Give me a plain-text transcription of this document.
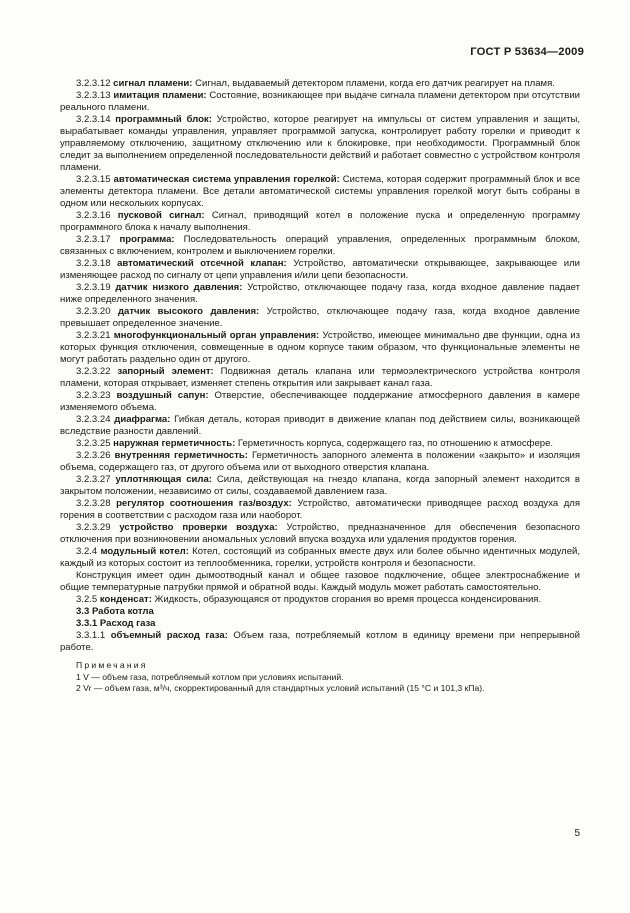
ГОСТ Р 53634—2009

3.2.3.12 сигнал пламени: Сигнал, выдаваемый детектором пламени, когда его датчик реагирует на пламя.

3.2.3.13 имитация пламени: Состояние, возникающее при выдаче сигнала пламени детектором при отсутствии реального пламени.

3.2.3.14 программный блок: Устройство, которое реагирует на импульсы от систем управления и защиты, вырабатывает команды управления, управляет программой запуска, контролирует работу горелки и приводит к управляемому отключению, защитному отключению или к блокировке, при необходимости. Программный блок следит за выполнением определенной последовательности действий и работает совместно с устройством контроля пламени.

3.2.3.15 автоматическая система управления горелкой: Система, которая содержит программный блок и все элементы детектора пламени. Все детали автоматической системы управления горелкой могут быть собраны в одном или нескольких корпусах.

3.2.3.16 пусковой сигнал: Сигнал, приводящий котел в положение пуска и определенную программу программного блока к началу выполнения.

3.2.3.17 программа: Последовательность операций управления, определенных программным блоком, связанных с включением, контролем и выключением горелки.

3.2.3.18 автоматический отсечной клапан: Устройство, автоматически открывающее, закрывающее или изменяющее расход по сигналу от цепи управления и/или цепи безопасности.

3.2.3.19 датчик низкого давления: Устройство, отключающее подачу газа, когда входное давление падает ниже определенного значения.

3.2.3.20 датчик высокого давления: Устройство, отключающее подачу газа, когда входное давление превышает определенное значение.

3.2.3.21 многофункциональный орган управления: Устройство, имеющее минимально две функции, одна из которых функция отключения, совмещенные в одном корпусе таким образом, что функциональные элементы не могут работать раздельно один от другого.

3.2.3.22 запорный элемент: Подвижная деталь клапана или термоэлектрического устройства контроля пламени, которая открывает, изменяет степень открытия или закрывает канал газа.

3.2.3.23 воздушный сапун: Отверстие, обеспечивающее поддержание атмосферного давления в камере изменяемого объема.

3.2.3.24 диафрагма: Гибкая деталь, которая приводит в движение клапан под действием силы, возникающей вследствие разности давлений.

3.2.3.25 наружная герметичность: Герметичность корпуса, содержащего газ, по отношению к атмосфере.

3.2.3.26 внутренняя герметичность: Герметичность запорного элемента в положении «закрыто» и изоляция объема, содержащего газ, от другого объема или от выходного отверстия клапана.

3.2.3.27 уплотняющая сила: Сила, действующая на гнездо клапана, когда запорный элемент находится в закрытом положении, независимо от силы, создаваемой давлением газа.

3.2.3.28 регулятор соотношения газ/воздух: Устройство, автоматически приводящее расход воздуха для горения в соответствии с расходом газа или наоборот.

3.2.3.29 устройство проверки воздуха: Устройство, предназначенное для обеспечения безопасного отключения при возникновении аномальных условий впуска воздуха или удаления продуктов горения.

3.2.4 модульный котел: Котел, состоящий из собранных вместе двух или более обычно идентичных модулей, каждый из которых состоит из теплообменника, горелки, устройств контроля и безопасности.

Конструкция имеет один дымоотводный канал и общее газовое подключение, общее электроснабжение и общие температурные патрубки прямой и обратной воды. Каждый модуль может работать самостоятельно.

3.2.5 конденсат: Жидкость, образующаяся от продуктов сгорания во время процесса конденсирования.

3.3 Работа котла

3.3.1 Расход газа

3.3.1.1 объемный расход газа: Объем газа, потребляемый котлом в единицу времени при непрерывной работе.

Примечания
1 V — объем газа, потребляемый котлом при условиях испытаний.
2 Vr — объем газа, м³/ч, скорректированный для стандартных условий испытаний (15 °С и 101,3 кПа).
5
